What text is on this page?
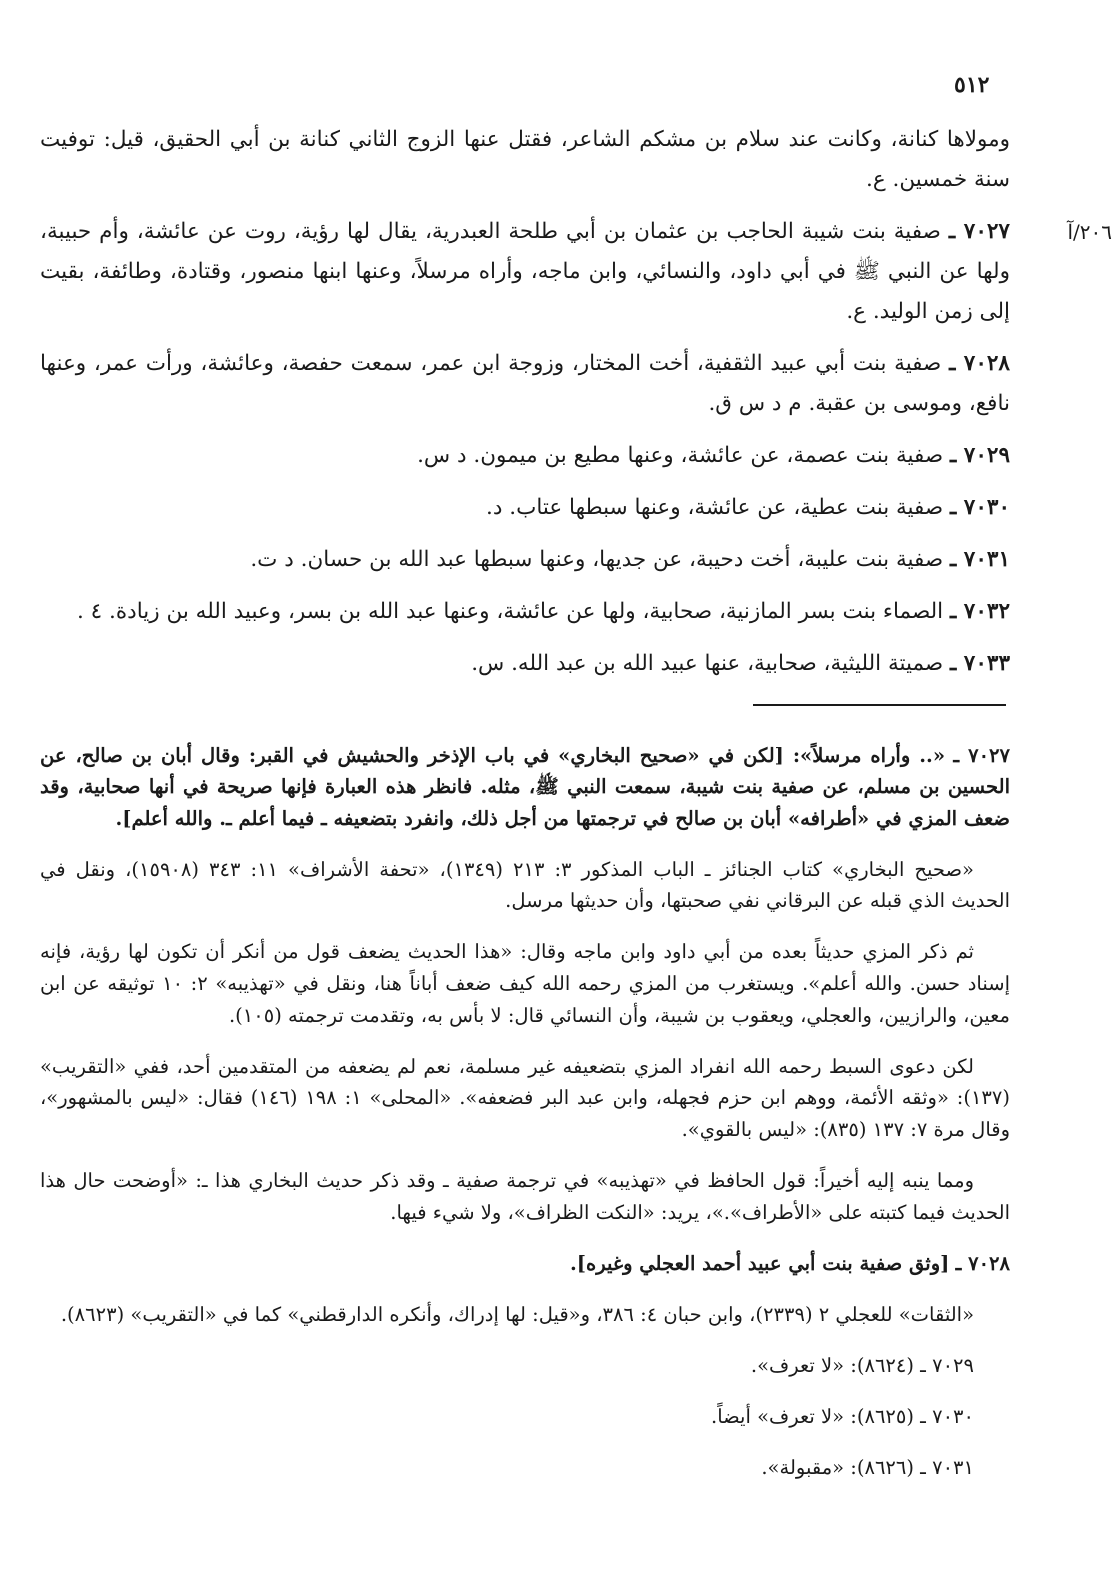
٥١٢
ومولاها كنانة، وكانت عند سلام بن مشكم الشاعر، فقتل عنها الزوج الثاني كنانة بن أبي الحقيق، قيل: توفيت سنة خمسين. ع.
٢٠٦/آ
٧٠٢٧ ـ صفية بنت شيبة الحاجب بن عثمان بن أبي طلحة العبدرية، يقال لها رؤية، روت عن عائشة، وأم حبيبة، ولها عن النبي ﷺ في أبي داود، والنسائي، وابن ماجه، وأراه مرسلاً، وعنها ابنها منصور، وقتادة، وطائفة، بقيت إلى زمن الوليد. ع.
٧٠٢٨ ـ صفية بنت أبي عبيد الثقفية، أخت المختار، وزوجة ابن عمر، سمعت حفصة، وعائشة، ورأت عمر، وعنها نافع، وموسى بن عقبة. م د س ق.
٧٠٢٩ ـ صفية بنت عصمة، عن عائشة، وعنها مطيع بن ميمون. د س.
٧٠٣٠ ـ صفية بنت عطية، عن عائشة، وعنها سبطها عتاب. د.
٧٠٣١ ـ صفية بنت عليبة، أخت دحيبة، عن جديها، وعنها سبطها عبد الله بن حسان. د ت.
٧٠٣٢ ـ الصماء بنت بسر المازنية، صحابية، ولها عن عائشة، وعنها عبد الله بن بسر، وعبيد الله بن زيادة. ٤ .
٧٠٣٣ ـ صميتة الليثية، صحابية، عنها عبيد الله بن عبد الله. س.

٧٠٢٧ ـ «.. وأراه مرسلاً»: [لكن في «صحيح البخاري» في باب الإذخر والحشيش في القبر: وقال أبان بن صالح، عن الحسين بن مسلم، عن صفية بنت شيبة، سمعت النبي ﷺ، مثله. فانظر هذه العبارة فإنها صريحة في أنها صحابية، وقد ضعف المزي في «أطرافه» أبان بن صالح في ترجمتها من أجل ذلك، وانفرد بتضعيفه ـ فيما أعلم ـ. والله أعلم].

«صحيح البخاري» كتاب الجنائز ـ الباب المذكور ٣: ٢١٣ (١٣٤٩)، «تحفة الأشراف» ١١: ٣٤٣ (١٥٩٠٨)، ونقل في الحديث الذي قبله عن البرقاني نفي صحبتها، وأن حديثها مرسل.

ثم ذكر المزي حديثاً بعده من أبي داود وابن ماجه وقال: «هذا الحديث يضعف قول من أنكر أن تكون لها رؤية، فإنه إسناد حسن. والله أعلم». ويستغرب من المزي رحمه الله كيف ضعف أباناً هنا، ونقل في «تهذيبه» ٢: ١٠ توثيقه عن ابن معين، والرازيين، والعجلي، ويعقوب بن شيبة، وأن النسائي قال: لا بأس به، وتقدمت ترجمته (١٠٥).

لكن دعوى السبط رحمه الله انفراد المزي بتضعيفه غير مسلمة، نعم لم يضعفه من المتقدمين أحد، ففي «التقريب» (١٣٧): «وثقه الأئمة، ووهم ابن حزم فجهله، وابن عبد البر فضعفه». «المحلى» ١: ١٩٨ (١٤٦) فقال: «ليس بالمشهور»، وقال مرة ٧: ١٣٧ (٨٣٥): «ليس بالقوي».

ومما ينبه إليه أخيراً: قول الحافظ في «تهذيبه» في ترجمة صفية ـ وقد ذكر حديث البخاري هذا ـ: «أوضحت حال هذا الحديث فيما كتبته على «الأطراف».»، يريد: «النكت الظراف»، ولا شيء فيها.

٧٠٢٨ ـ [وثق صفية بنت أبي عبيد أحمد العجلي وغيره].

«الثقات» للعجلي ٢ (٢٣٣٩)، وابن حبان ٤: ٣٨٦، و«قيل: لها إدراك، وأنكره الدارقطني» كما في «التقريب» (٨٦٢٣).

٧٠٢٩ ـ (٨٦٢٤): «لا تعرف».

٧٠٣٠ ـ (٨٦٢٥): «لا تعرف» أيضاً.

٧٠٣١ ـ (٨٦٢٦): «مقبولة».
